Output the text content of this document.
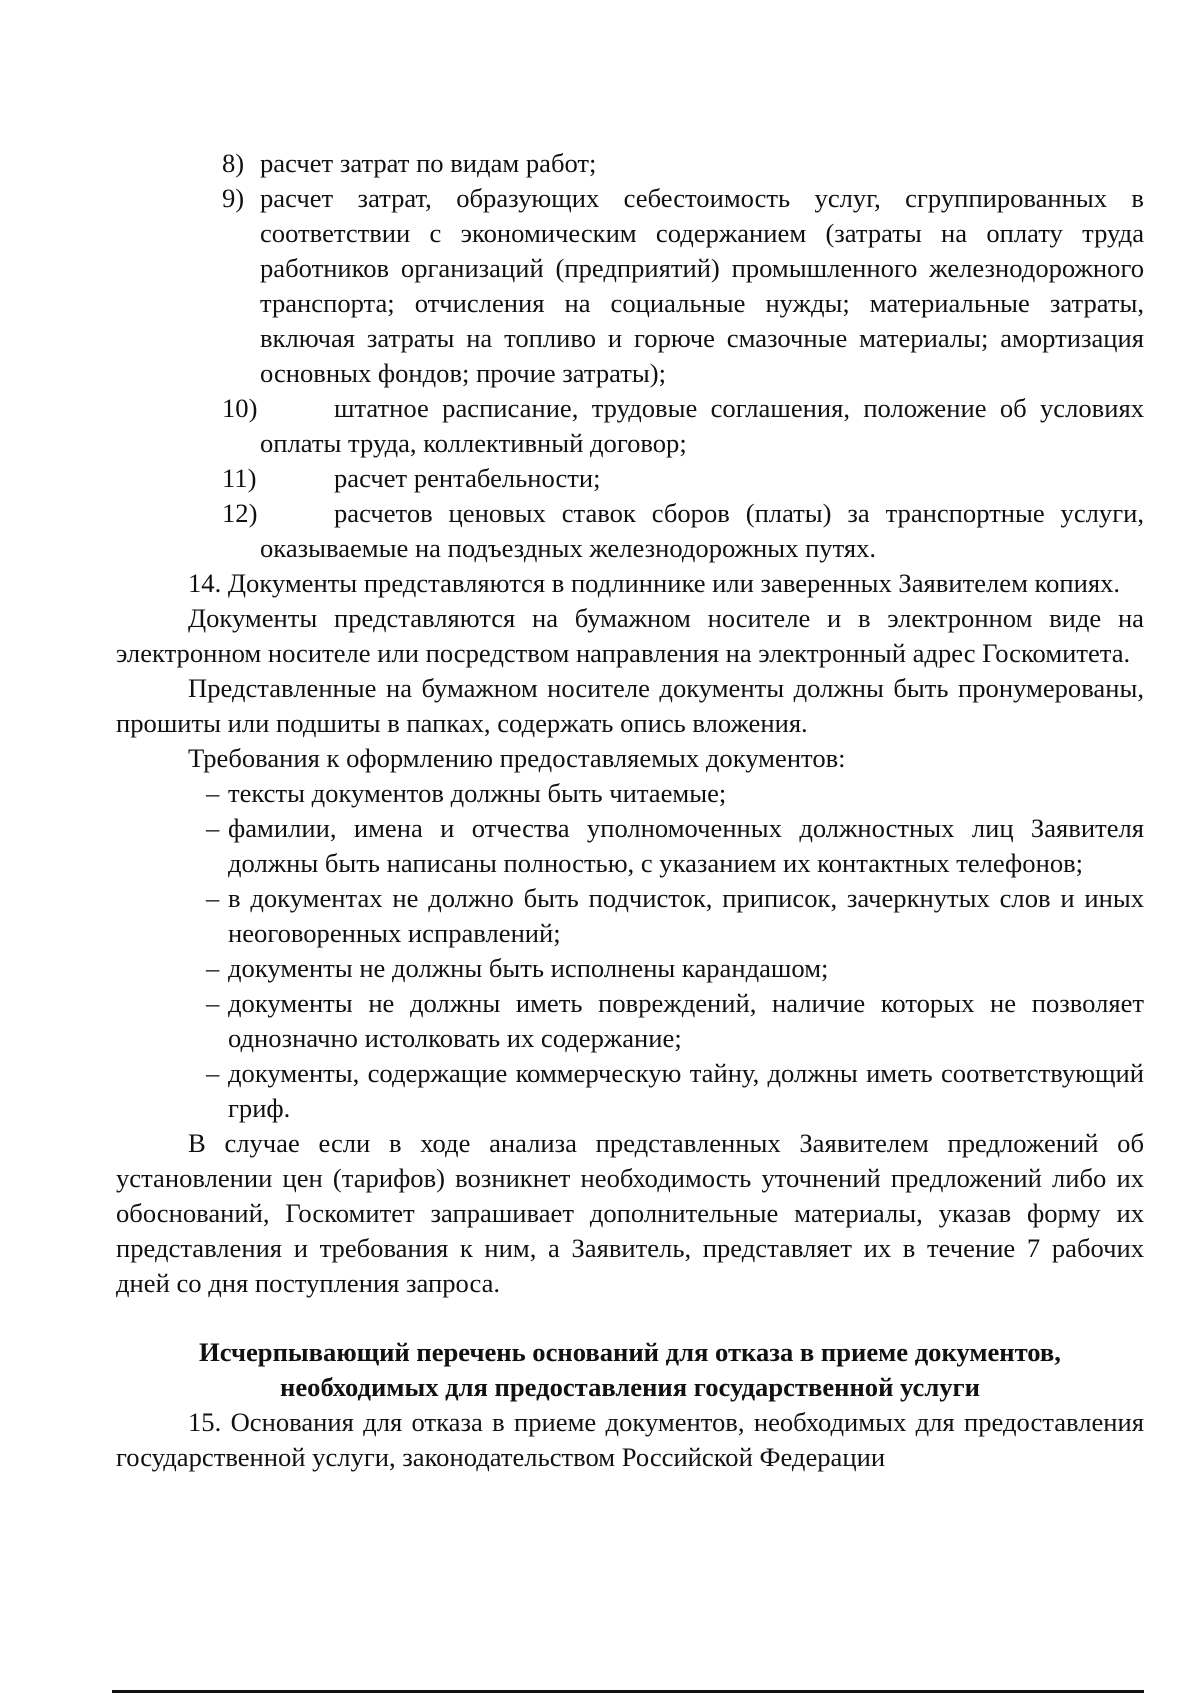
8) расчет затрат по видам работ;
9) расчет затрат, образующих себестоимость услуг, сгруппированных в соответствии с экономическим содержанием (затраты на оплату труда работников организаций (предприятий) промышленного железнодорожного транспорта; отчисления на социальные нужды; материальные затраты, включая затраты на топливо и горюче смазочные материалы; амортизация основных фондов; прочие затраты);
10)	штатное расписание, трудовые соглашения, положение об условиях оплаты труда, коллективный договор;
11)	расчет рентабельности;
12)	расчетов ценовых ставок сборов (платы) за транспортные услуги, оказываемые на подъездных железнодорожных путях.

14. Документы представляются в подлиннике или заверенных Заявителем копиях.

Документы представляются на бумажном носителе и в электронном виде на электронном носителе или посредством направления на электронный адрес Госкомитета.

Представленные на бумажном носителе документы должны быть пронумерованы, прошиты или подшиты в папках, содержать опись вложения.

Требования к оформлению предоставляемых документов:

– тексты документов должны быть читаемые;
– фамилии, имена и отчества уполномоченных должностных лиц Заявителя должны быть написаны полностью, с указанием их контактных телефонов;
– в документах не должно быть подчисток, приписок, зачеркнутых слов и иных неоговоренных исправлений;
– документы не должны быть исполнены карандашом;
– документы не должны иметь повреждений, наличие которых не позволяет однозначно истолковать их содержание;
– документы, содержащие коммерческую тайну, должны иметь соответствующий гриф.

В случае если в ходе анализа представленных Заявителем предложений об установлении цен (тарифов) возникнет необходимость уточнений предложений либо их обоснований, Госкомитет запрашивает дополнительные материалы, указав форму их представления и требования к ним, а Заявитель, представляет их в течение 7 рабочих дней со дня поступления запроса.

Исчерпывающий перечень оснований для отказа в приеме документов,
необходимых для предоставления государственной услуги

15. Основания для отказа в приеме документов, необходимых для предоставления государственной услуги, законодательством Российской Федерации
